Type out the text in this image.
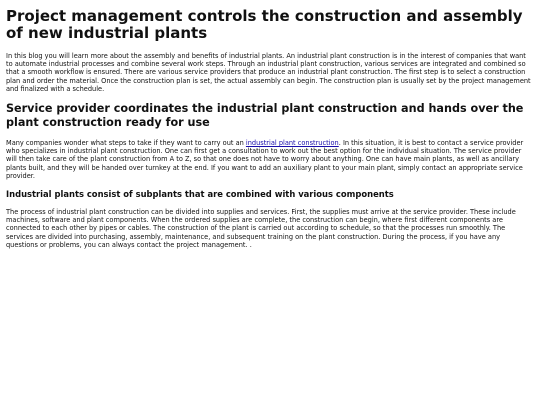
Project management controls the construction and assembly of new industrial plants

In this blog you will learn more about the assembly and benefits of industrial plants. An industrial plant construction is in the interest of companies that want to automate industrial processes and combine several work steps. Through an industrial plant construction, various services are integrated and combined so that a smooth workflow is ensured. There are various service providers that produce an industrial plant construction. The first step is to select a construction plan and order the material. Once the construction plan is set, the actual assembly can begin. The construction plan is usually set by the project management and finalized with a schedule.

Service provider coordinates the industrial plant construction and hands over the plant construction ready for use

Many companies wonder what steps to take if they want to carry out an industrial plant construction. In this situation, it is best to contact a service provider who specializes in industrial plant construction. One can first get a consultation to work out the best option for the individual situation. The service provider will then take care of the plant construction from A to Z, so that one does not have to worry about anything. One can have main plants, as well as ancillary plants built, and they will be handed over turnkey at the end. If you want to add an auxiliary plant to your main plant, simply contact an appropriate service provider.

Industrial plants consist of subplants that are combined with various components

The process of industrial plant construction can be divided into supplies and services. First, the supplies must arrive at the service provider. These include machines, software and plant components. When the ordered supplies are complete, the construction can begin, where first different components are connected to each other by pipes or cables. The construction of the plant is carried out according to schedule, so that the processes run smoothly. The services are divided into purchasing, assembly, maintenance, and subsequent training on the plant construction. During the process, if you have any questions or problems, you can always contact the project management. .
